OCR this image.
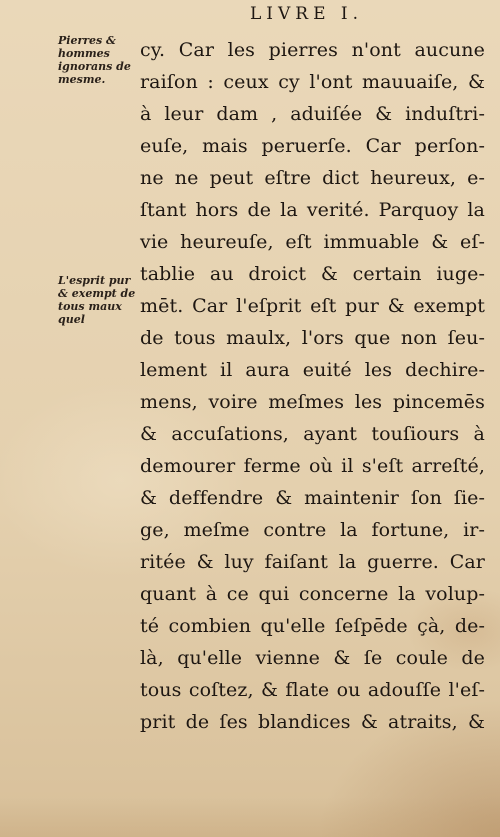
LIVRE I.
Pierres & hommes ignorans de mesme.
L'esprit pur & exempt de tous maux quel
cy. Car les pierres n'ont aucune
raiſon : ceux cy l'ont mauuaiſe, &
à leur dam , aduiſée & induſtri-
euſe, mais peruerſe. Car perſon-
ne ne peut eſtre dict heureux, e-
ſtant hors de la verité. Parquoy la
vie heureuſe, eſt immuable & eſ-
tablie au droict & certain iuge-
mēt. Car l'eſprit eſt pur & exempt
de tous maulx, l'ors que non ſeu-
lement il aura euité les dechire-
mens, voire meſmes les pincemēs
& accuſations, ayant touſiours à
demourer ferme où il s'eſt arreſté,
& deffendre & maintenir ſon ſie-
ge, meſme contre la fortune, ir-
ritée & luy faiſant la guerre. Car
quant à ce qui concerne la volup-
té combien qu'elle ſeſpēde çà, de-
là, qu'elle vienne & ſe coule de
tous coſtez, & flate ou adouſſe l'eſ-
prit de ſes blandices & atraits, &
